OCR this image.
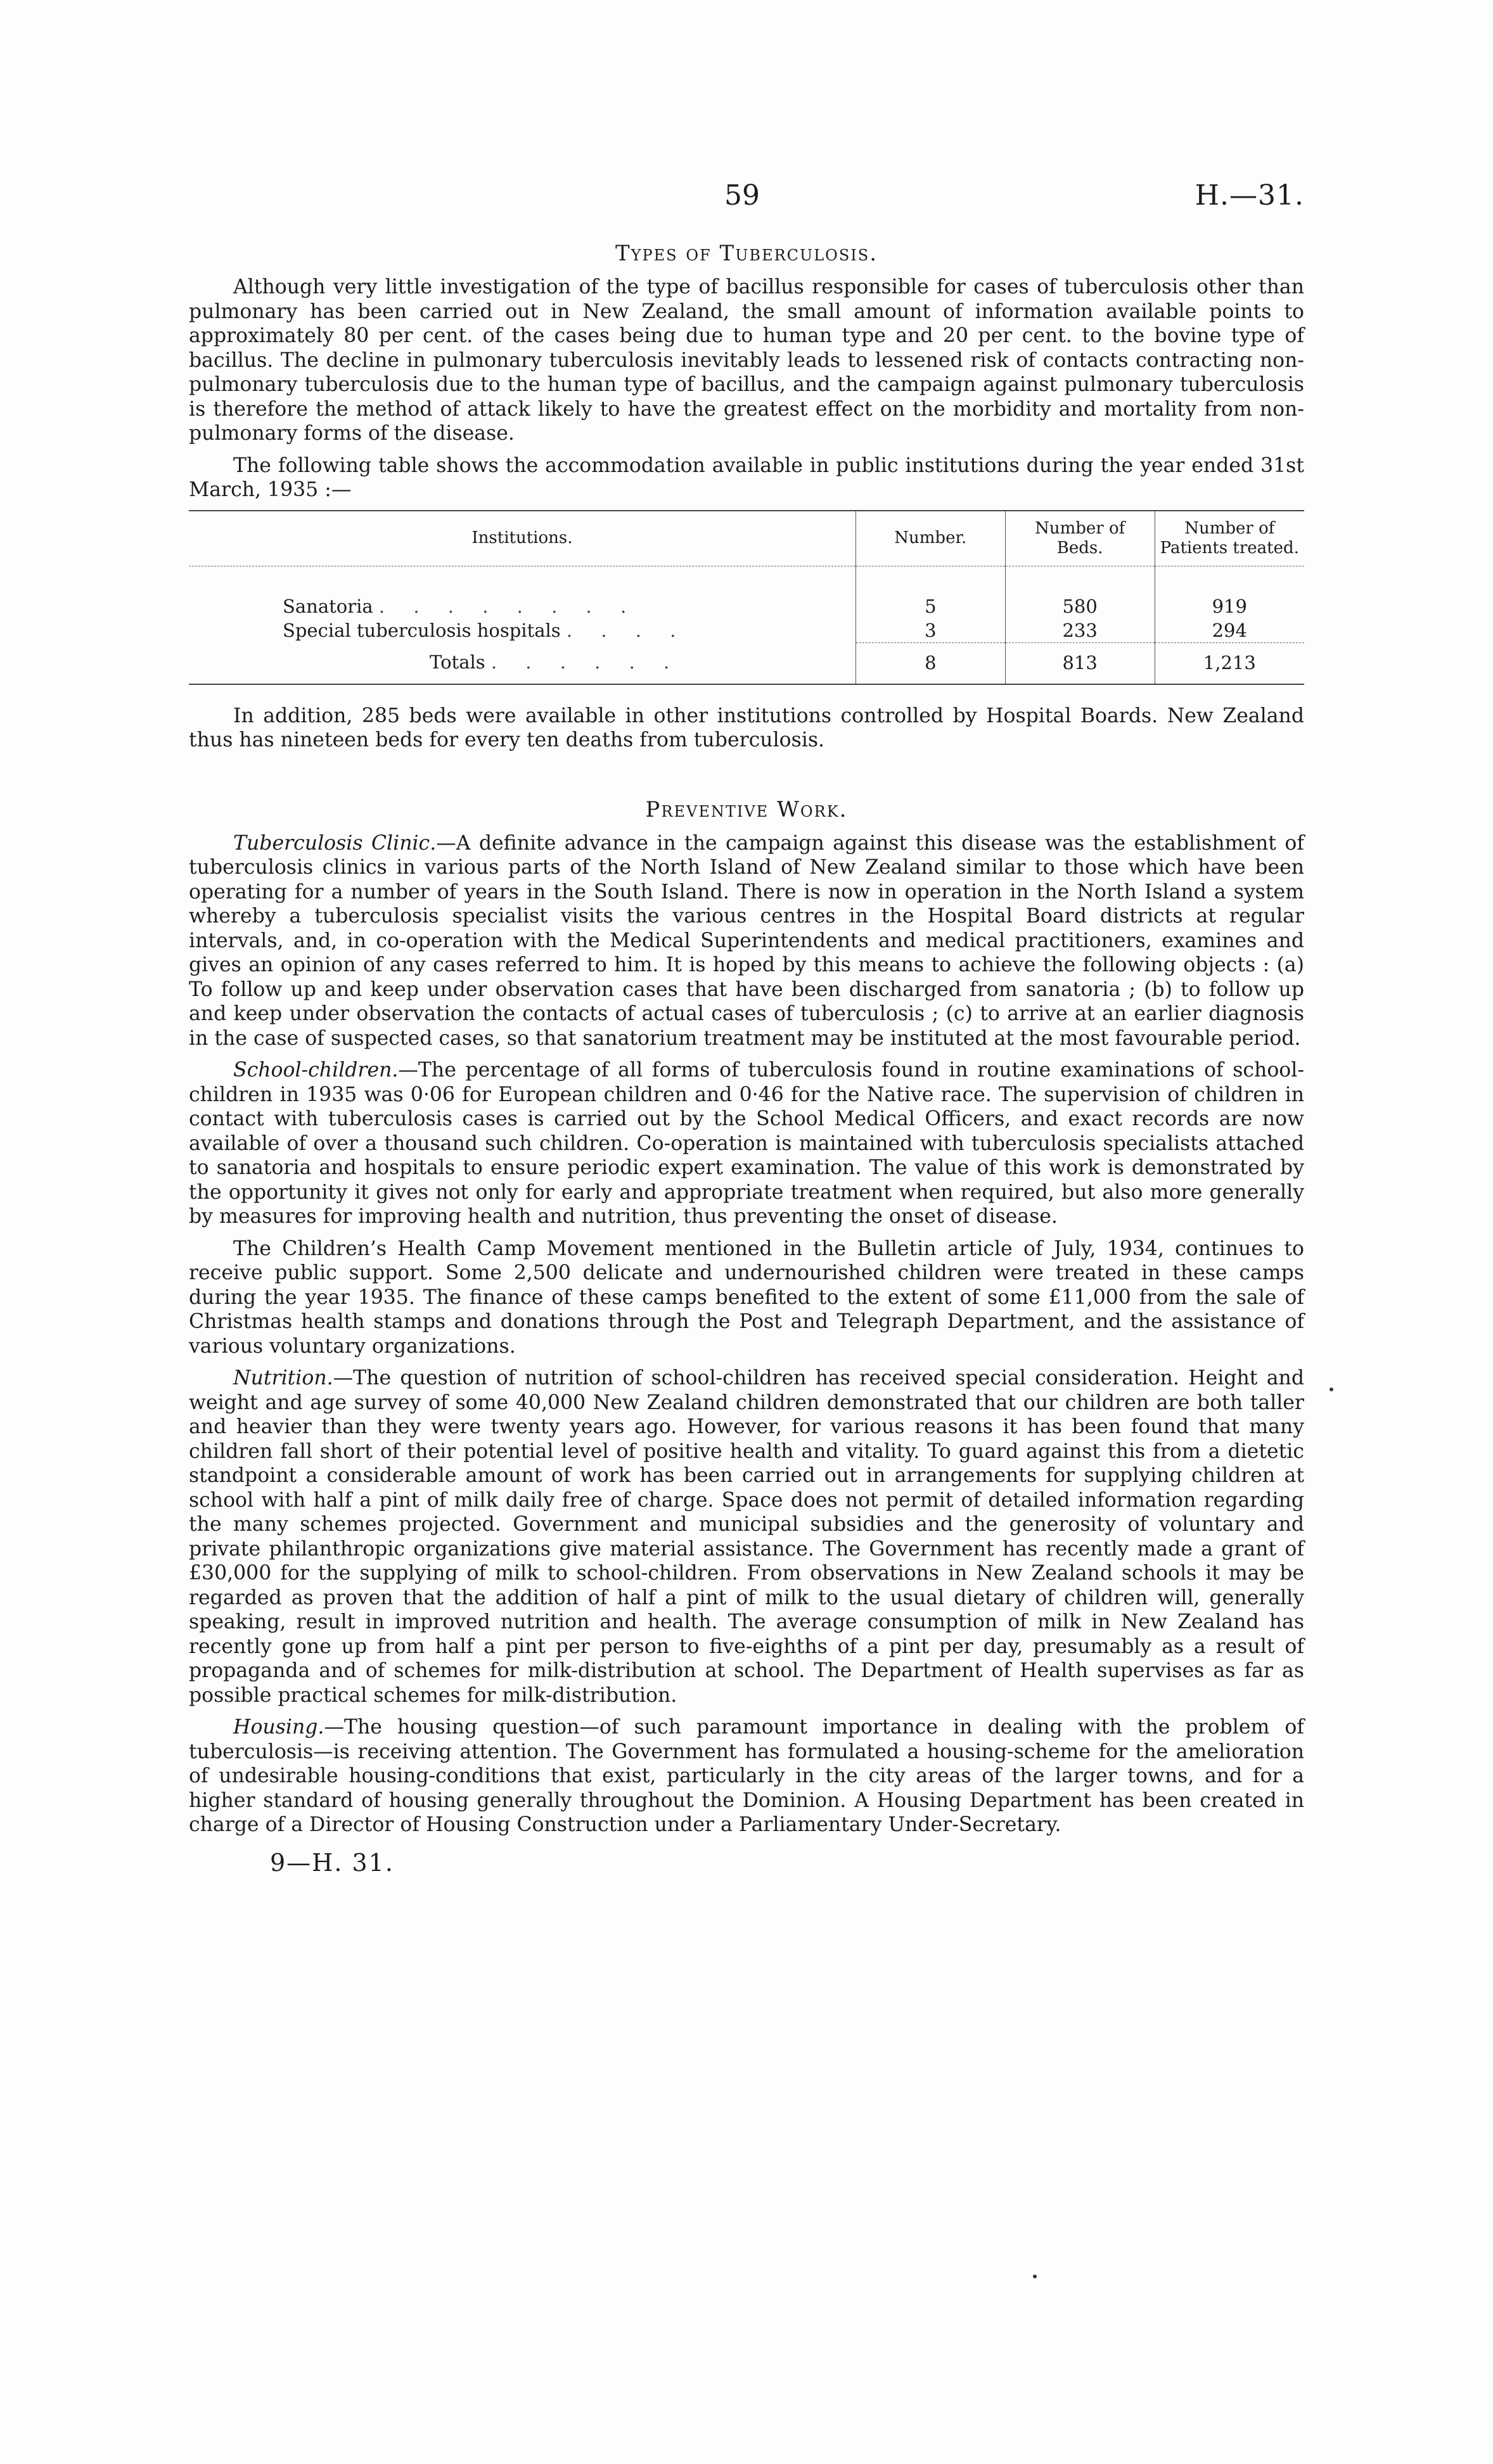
59	H.—31.
Types of Tuberculosis.

Although very little investigation of the type of bacillus responsible for cases of tuberculosis other than pulmonary has been carried out in New Zealand, the small amount of information available points to approximately 80 per cent. of the cases being due to human type and 20 per cent. to the bovine type of bacillus. The decline in pulmonary tuberculosis inevitably leads to lessened risk of contacts contracting non-pulmonary tuberculosis due to the human type of bacillus, and the campaign against pulmonary tuberculosis is therefore the method of attack likely to have the greatest effect on the morbidity and mortality from non-pulmonary forms of the disease.

The following table shows the accommodation available in public institutions during the year ended 31st March, 1935 :—

Institutions.	Number.	Number of Beds.	Number of Patients treated.

Sanatoria . . . . . . . .	5	580	919
Special tuberculosis hospitals . . . .	3	233	294
Totals . . . . . .	8	813	1,213

In addition, 285 beds were available in other institutions controlled by Hospital Boards. New Zealand thus has nineteen beds for every ten deaths from tuberculosis.

Preventive Work.

Tuberculosis Clinic.—A definite advance in the campaign against this disease was the establishment of tuberculosis clinics in various parts of the North Island of New Zealand similar to those which have been operating for a number of years in the South Island. There is now in operation in the North Island a system whereby a tuberculosis specialist visits the various centres in the Hospital Board districts at regular intervals, and, in co-operation with the Medical Superintendents and medical practitioners, examines and gives an opinion of any cases referred to him. It is hoped by this means to achieve the following objects : (a) To follow up and keep under observation cases that have been discharged from sanatoria ; (b) to follow up and keep under observation the contacts of actual cases of tuberculosis ; (c) to arrive at an earlier diagnosis in the case of suspected cases, so that sanatorium treatment may be instituted at the most favourable period.

School-children.—The percentage of all forms of tuberculosis found in routine examinations of school-children in 1935 was 0·06 for European children and 0·46 for the Native race. The supervision of children in contact with tuberculosis cases is carried out by the School Medical Officers, and exact records are now available of over a thousand such children. Co-operation is maintained with tuberculosis specialists attached to sanatoria and hospitals to ensure periodic expert examination. The value of this work is demonstrated by the opportunity it gives not only for early and appropriate treatment when required, but also more generally by measures for improving health and nutrition, thus preventing the onset of disease.

The Children’s Health Camp Movement mentioned in the Bulletin article of July, 1934, continues to receive public support. Some 2,500 delicate and undernourished children were treated in these camps during the year 1935. The finance of these camps benefited to the extent of some £11,000 from the sale of Christmas health stamps and donations through the Post and Telegraph Department, and the assistance of various voluntary organizations.

Nutrition.—The question of nutrition of school-children has received special consideration. Height and weight and age survey of some 40,000 New Zealand children demonstrated that our children are both taller and heavier than they were twenty years ago. However, for various reasons it has been found that many children fall short of their potential level of positive health and vitality. To guard against this from a dietetic standpoint a considerable amount of work has been carried out in arrangements for supplying children at school with half a pint of milk daily free of charge. Space does not permit of detailed information regarding the many schemes projected. Government and municipal subsidies and the generosity of voluntary and private philanthropic organizations give material assistance. The Government has recently made a grant of £30,000 for the supplying of milk to school-children. From observations in New Zealand schools it may be regarded as proven that the addition of half a pint of milk to the usual dietary of children will, generally speaking, result in improved nutrition and health. The average consumption of milk in New Zealand has recently gone up from half a pint per person to five-eighths of a pint per day, presumably as a result of propaganda and of schemes for milk-distribution at school. The Department of Health supervises as far as possible practical schemes for milk-distribution.

Housing.—The housing question—of such paramount importance in dealing with the problem of tuberculosis—is receiving attention. The Government has formulated a housing-scheme for the amelioration of undesirable housing-conditions that exist, particularly in the city areas of the larger towns, and for a higher standard of housing generally throughout the Dominion. A Housing Department has been created in charge of a Director of Housing Construction under a Parliamentary Under-Secretary.

9—H. 31.
